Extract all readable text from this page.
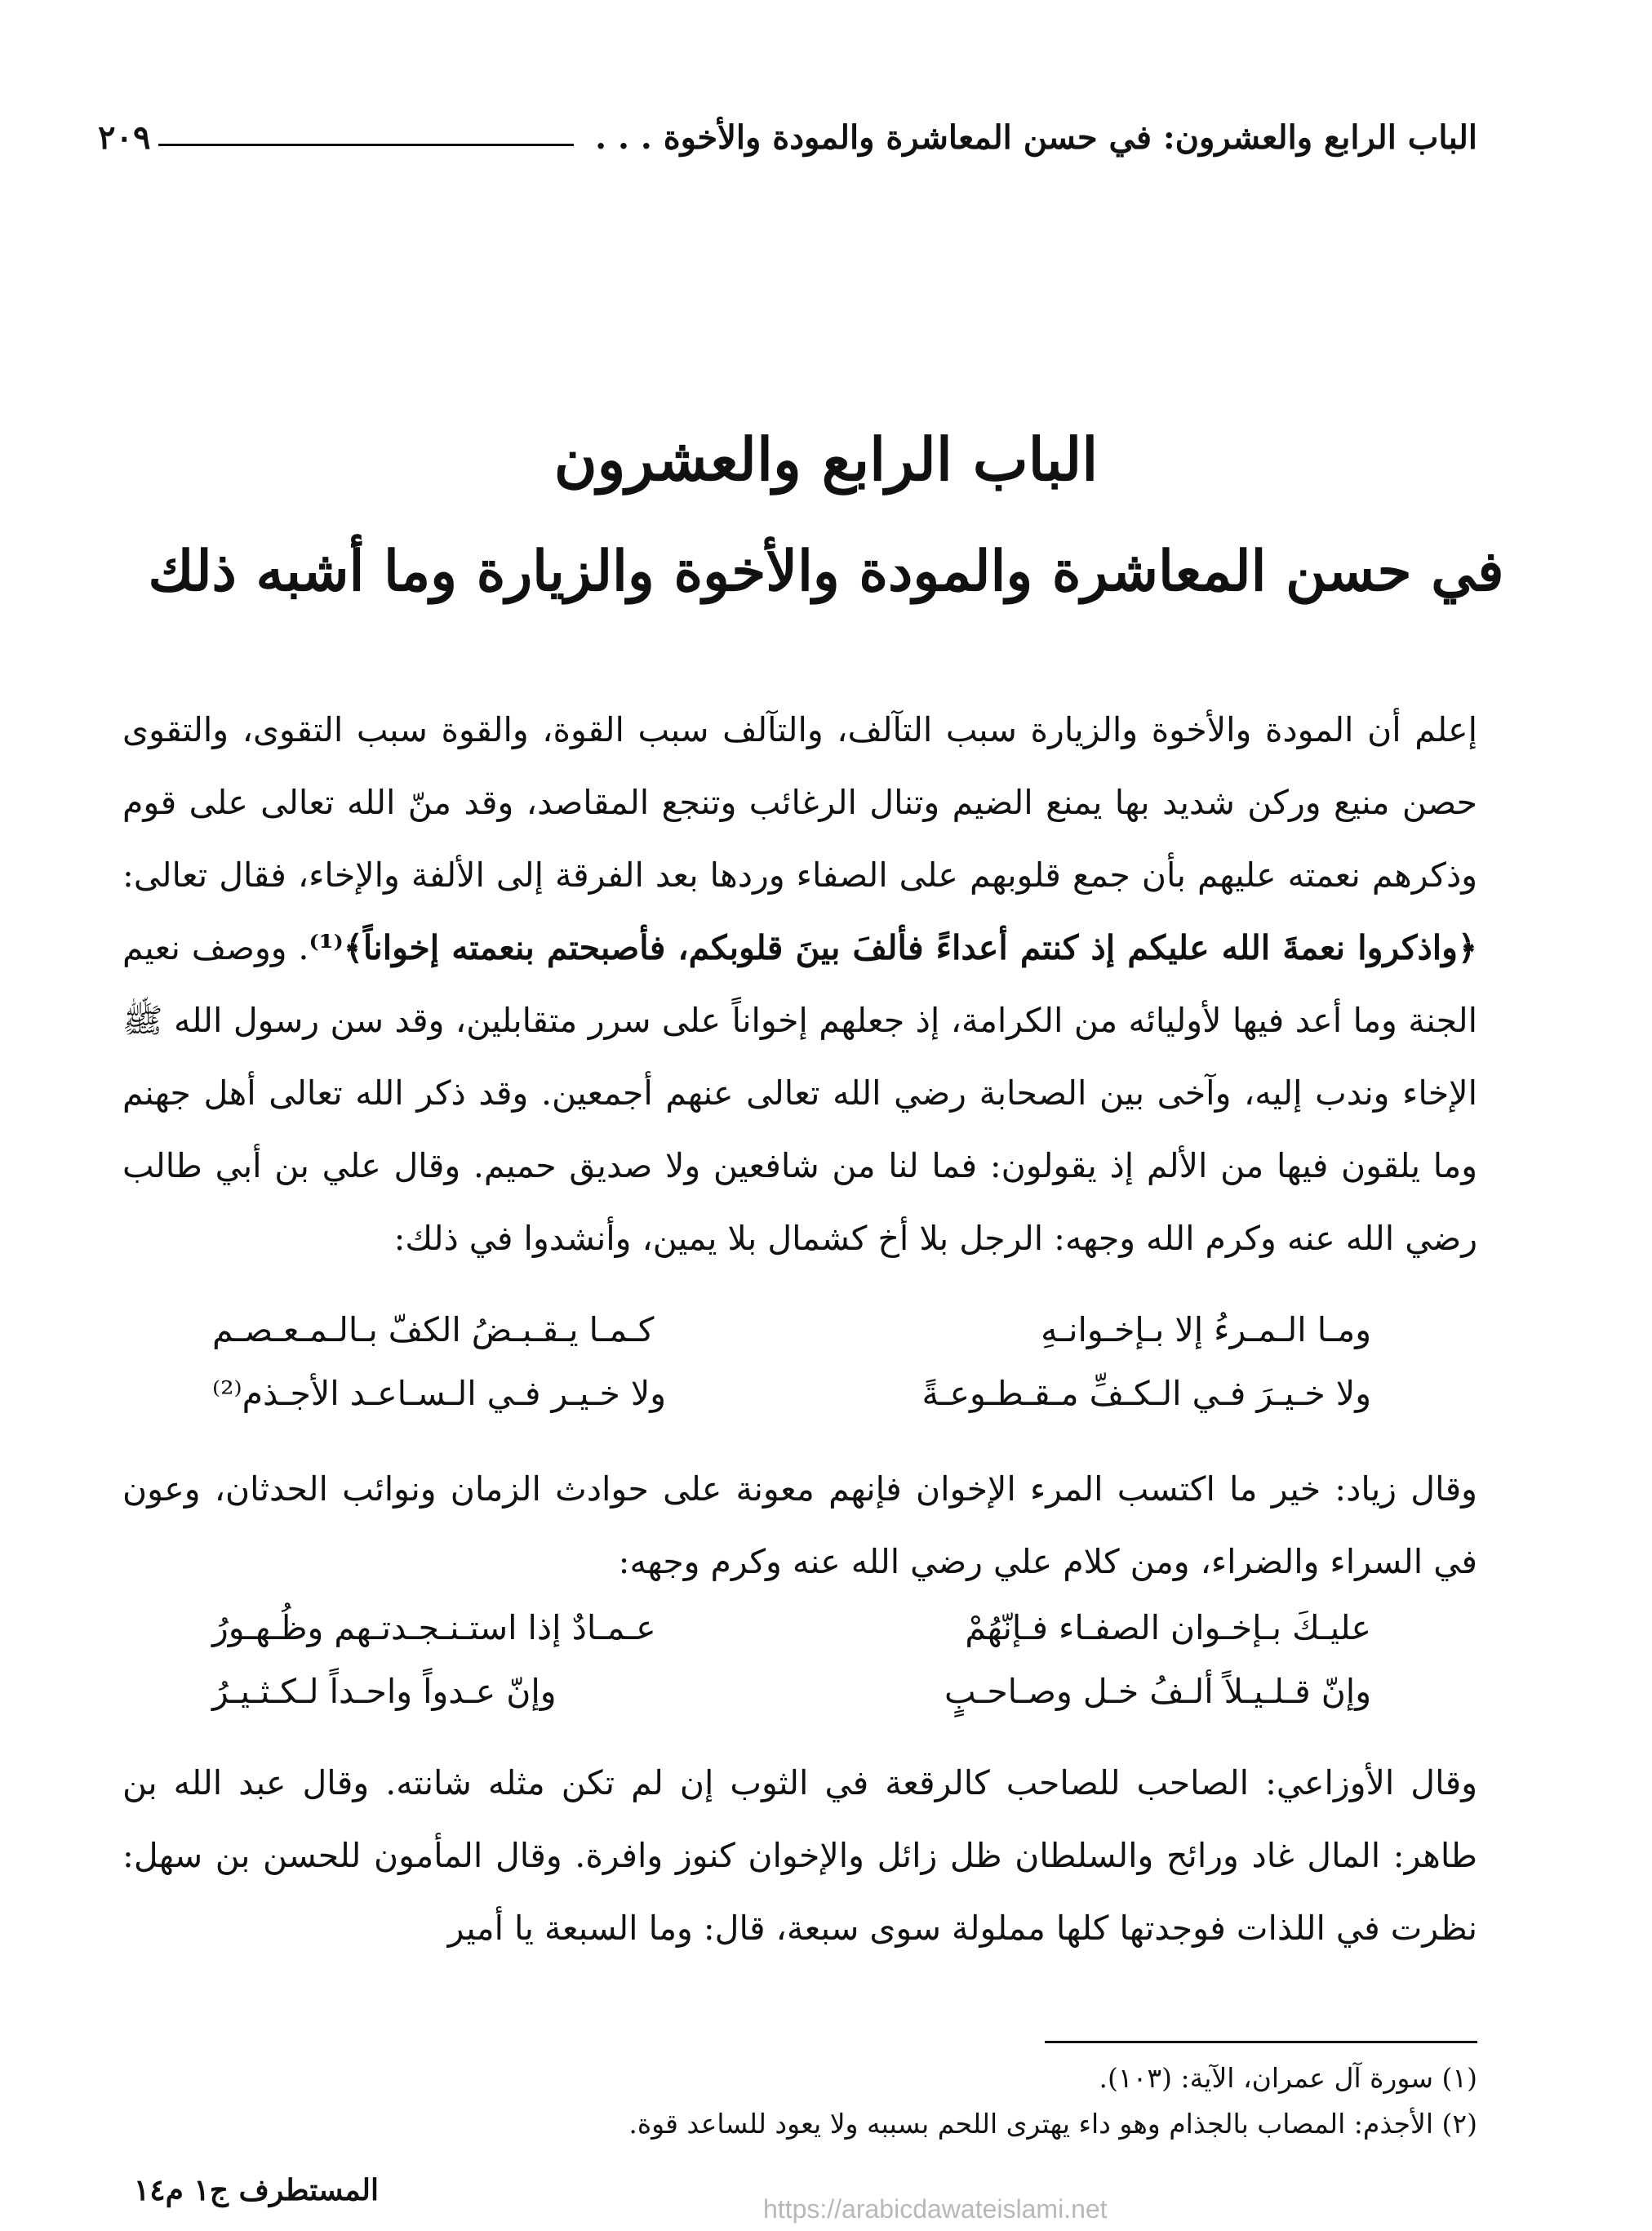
الباب الرابع والعشرون: في حسن المعاشرة والمودة والأخوة . . .
٢٠٩
الباب الرابع والعشرون
في حسن المعاشرة والمودة والأخوة والزيارة وما أشبه ذلك
إعلم أن المودة والأخوة والزيارة سبب التآلف، والتآلف سبب القوة، والقوة سبب التقوى، والتقوى حصن منيع وركن شديد بها يمنع الضيم وتنال الرغائب وتنجع المقاصد، وقد منّ الله تعالى على قوم وذكرهم نعمته عليهم بأن جمع قلوبهم على الصفاء وردها بعد الفرقة إلى الألفة والإخاء، فقال تعالى: ﴿واذكروا نعمةَ الله عليكم إذ كنتم أعداءً فألفَ بينَ قلوبكم، فأصبحتم بنعمته إخواناً﴾⁽¹⁾. ووصف نعيم الجنة وما أعد فيها لأوليائه من الكرامة، إذ جعلهم إخواناً على سرر متقابلين، وقد سن رسول الله ﷺ الإخاء وندب إليه، وآخى بين الصحابة رضي الله تعالى عنهم أجمعين. وقد ذكر الله تعالى أهل جهنم وما يلقون فيها من الألم إذ يقولون: فما لنا من شافعين ولا صديق حميم. وقال علي بن أبي طالب رضي الله عنه وكرم الله وجهه: الرجل بلا أخ كشمال بلا يمين، وأنشدوا في ذلك:
ومـا الـمـرءُ إلا بـإخـوانـهِ
كـمـا يـقـبـضُ الكفّ بـالـمـعـصـم
ولا خـيـرَ فـي الـكـفِّ مـقـطـوعـةً
ولا خـيـر فـي الـسـاعـد الأجـذم⁽²⁾
وقال زياد: خير ما اكتسب المرء الإخوان فإنهم معونة على حوادث الزمان ونوائب الحدثان، وعون في السراء والضراء، ومن كلام علي رضي الله عنه وكرم وجهه:
عليـكَ بـإخـوان الصفـاء فـإنّهُمْ
عـمـادٌ إذا استـنـجـدتـهم وظُـهـورُ
وإنّ قـلـيـلاً ألـفُ خـل وصـاحـبٍ
وإنّ عـدواً واحـداً لـكـثـيـرُ
وقال الأوزاعي: الصاحب للصاحب كالرقعة في الثوب إن لم تكن مثله شانته. وقال عبد الله بن طاهر: المال غاد ورائح والسلطان ظل زائل والإخوان كنوز وافرة. وقال المأمون للحسن بن سهل: نظرت في اللذات فوجدتها كلها مملولة سوى سبعة، قال: وما السبعة يا أمير
(١) سورة آل عمران، الآية: (١٠٣).
(٢) الأجذم: المصاب بالجذام وهو داء يهترى اللحم بسببه ولا يعود للساعد قوة.
المستطرف ج١ م١٤
https://arabicdawateislami.net
